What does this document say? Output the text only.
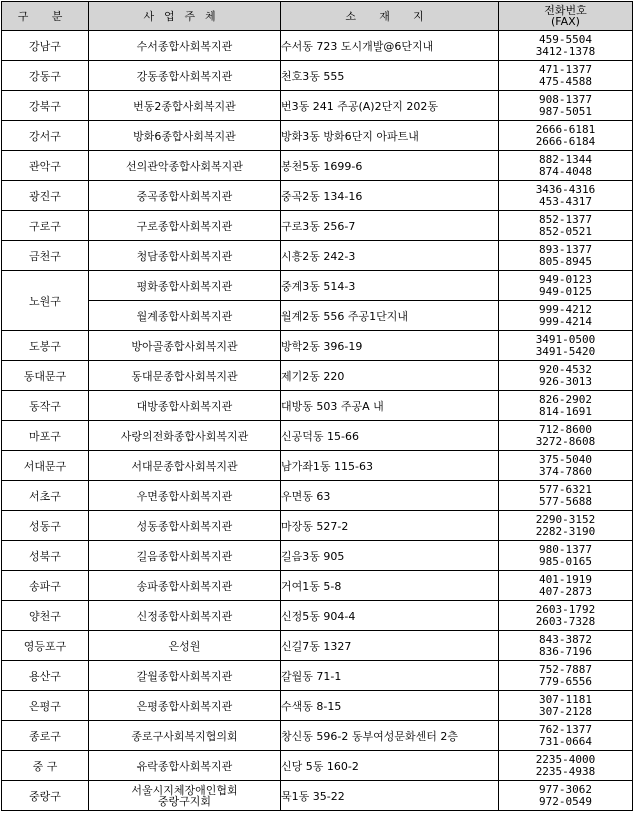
구 분	사업주체	소 재 지	전화번호
(FAX)

강남구	수서종합사회복지관	수서동 723 도시개발@6단지내	459-5504
3412-1378

강동구	강동종합사회복지관	천호3동 555	471-1377
475-4588

강북구	번동2종합사회복지관	번3동 241 주공(A)2단지 202동	908-1377
987-5051

강서구	방화6종합사회복지관	방화3동 방화6단지 아파트내	2666-6181
2666-6184

관악구	선의관악종합사회복지관	봉천5동 1699-6	882-1344
874-4048

광진구	중곡종합사회복지관	중곡2동 134-16	3436-4316
453-4317

구로구	구로종합사회복지관	구로3동 256-7	852-1377
852-0521

금천구	청담종합사회복지관	시흥2동 242-3	893-1377
805-8945

노원구	평화종합사회복지관	중계3동 514-3	949-0123
949-0125

	월계종합사회복지관	월계2동 556 주공1단지내	999-4212
999-4214

도봉구	방아골종합사회복지관	방학2동 396-19	3491-0500
3491-5420

동대문구	동대문종합사회복지관	제기2동 220	920-4532
926-3013

동작구	대방종합사회복지관	대방동 503 주공A 내	826-2902
814-1691

마포구	사랑의전화종합사회복지관	신공덕동 15-66	712-8600
3272-8608

서대문구	서대문종합사회복지관	남가좌1동 115-63	375-5040
374-7860

서초구	우면종합사회복지관	우면동 63	577-6321
577-5688

성동구	성동종합사회복지관	마장동 527-2	2290-3152
2282-3190

성북구	길음종합사회복지관	길음3동 905	980-1377
985-0165

송파구	송파종합사회복지관	거여1동 5-8	401-1919
407-2873

양천구	신정종합사회복지관	신정5동 904-4	2603-1792
2603-7328

영등포구	은성원	신길7동 1327	843-3872
836-7196

용산구	갈월종합사회복지관	갈월동 71-1	752-7887
779-6556

은평구	은평종합사회복지관	수색동 8-15	307-1181
307-2128

종로구	종로구사회복지협의회	창신동 596-2 동부여성문화센터 2층	762-1377
731-0664

중 구	유락종합사회복지관	신당 5동 160-2	2235-4000
2235-4938

중랑구	서울시지체장애인협회
중랑구지회	묵1동 35-22	977-3062
972-0549
